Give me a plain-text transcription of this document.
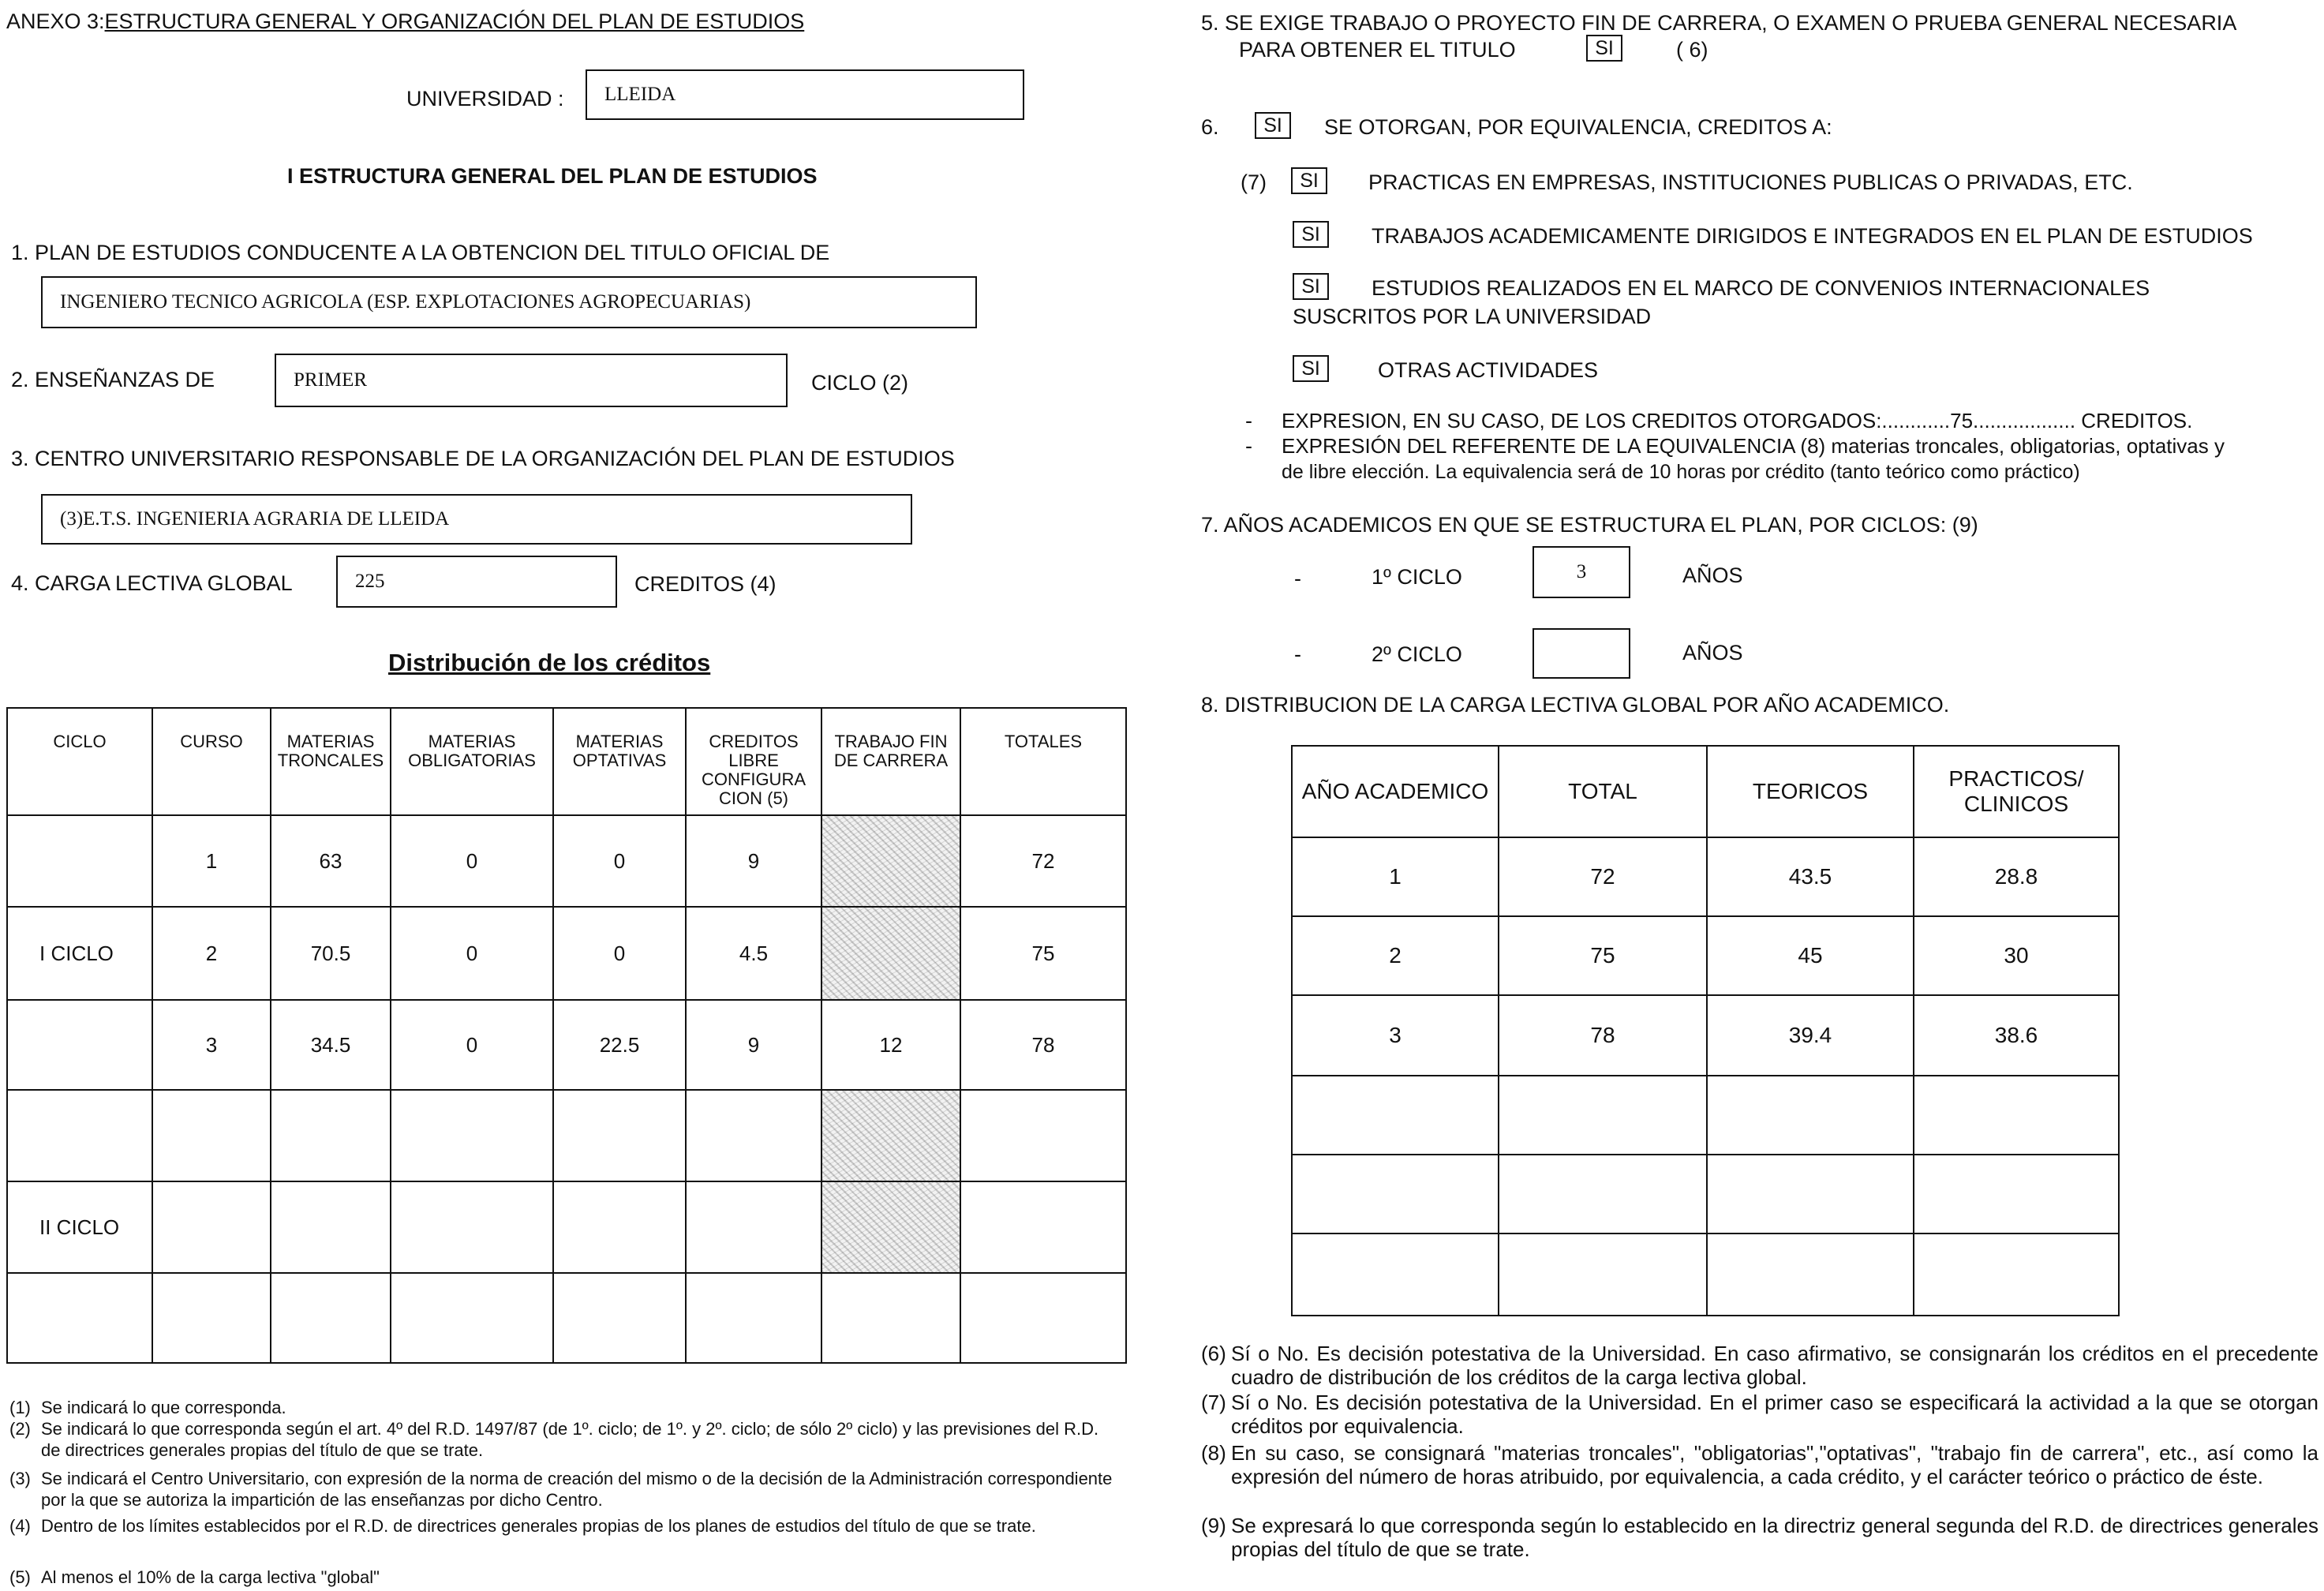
ANEXO 3:ESTRUCTURA GENERAL Y ORGANIZACIÓN DEL PLAN DE ESTUDIOS
UNIVERSIDAD : LLEIDA
I ESTRUCTURA GENERAL DEL PLAN DE ESTUDIOS
1. PLAN DE ESTUDIOS CONDUCENTE A LA OBTENCION DEL TITULO OFICIAL DE
INGENIERO TECNICO AGRICOLA (ESP. EXPLOTACIONES AGROPECUARIAS)
2. ENSEÑANZAS DE	PRIMER	CICLO (2)
3. CENTRO UNIVERSITARIO RESPONSABLE DE LA ORGANIZACIÓN DEL PLAN DE ESTUDIOS
(3)E.T.S. INGENIERIA AGRARIA DE LLEIDA
4. CARGA LECTIVA GLOBAL	225	CREDITOS (4)
Distribución de los créditos
CICLO	CURSO	MATERIAS TRONCALES	MATERIAS OBLIGATORIAS	MATERIAS OPTATIVAS	CREDITOS LIBRE CONFIGURA CION (5)	TRABAJO FIN DE CARRERA	TOTALES
	1	63	0	0	9		72
I CICLO	2	70.5	0	0	4.5		75
	3	34.5	0	22.5	9	12	78

II CICLO							

(1) Se indicará lo que corresponda.
(2) Se indicará lo que corresponda según el art. 4º del R.D. 1497/87 (de 1º. ciclo; de 1º. y 2º. ciclo; de sólo 2º ciclo) y las previsiones del R.D. de directrices generales propias del título de que se trate.
(3) Se indicará el Centro Universitario, con expresión de la norma de creación del mismo o de la decisión de la Administración correspondiente por la que se autoriza la impartición de las enseñanzas por dicho Centro.
(4) Dentro de los límites establecidos por el R.D. de directrices generales propias de los planes de estudios del título de que se trate.
(5) Al menos el 10% de la carga lectiva "global"
5. SE EXIGE TRABAJO O PROYECTO FIN DE CARRERA, O EXAMEN O PRUEBA GENERAL NECESARIA
PARA OBTENER EL TITULO	SI	( 6)
6.	SI	SE OTORGAN, POR EQUIVALENCIA, CREDITOS A:
(7)	SI	PRACTICAS EN EMPRESAS, INSTITUCIONES PUBLICAS O PRIVADAS, ETC.
SI	TRABAJOS ACADEMICAMENTE DIRIGIDOS E INTEGRADOS EN EL PLAN DE ESTUDIOS
SI	ESTUDIOS REALIZADOS EN EL MARCO DE CONVENIOS INTERNACIONALES
SUSCRITOS POR LA UNIVERSIDAD
SI	OTRAS ACTIVIDADES
- EXPRESION, EN SU CASO, DE LOS CREDITOS OTORGADOS:............75.................. CREDITOS.
- EXPRESIÓN DEL REFERENTE DE LA EQUIVALENCIA (8) materias troncales, obligatorias, optativas y
de libre elección. La equivalencia será de 10 horas por crédito (tanto teórico como práctico)
7. AÑOS ACADEMICOS EN QUE SE ESTRUCTURA EL PLAN, POR CICLOS: (9)
-	1º CICLO	3	AÑOS
-	2º CICLO	AÑOS
8. DISTRIBUCION DE LA CARGA LECTIVA GLOBAL POR AÑO ACADEMICO.
AÑO ACADEMICO	TOTAL	TEORICOS	PRACTICOS/ CLINICOS
1	72	43.5	28.8
2	75	45	30
3	78	39.4	38.6

(6) Sí o No. Es decisión potestativa de la Universidad. En caso afirmativo, se consignarán los créditos en el precedente cuadro de distribución de los créditos de la carga lectiva global.
(7) Sí o No. Es decisión potestativa de la Universidad. En el primer caso se especificará la actividad a la que se otorgan créditos por equivalencia.
(8) En su caso, se consignará "materias troncales", "obligatorias","optativas", "trabajo fin de carrera", etc., así como la expresión del número de horas atribuido, por equivalencia, a cada crédito, y el carácter teórico o práctico de éste.
(9) Se expresará lo que corresponda según lo establecido en la directriz general segunda del R.D. de directrices generales propias del título de que se trate.
